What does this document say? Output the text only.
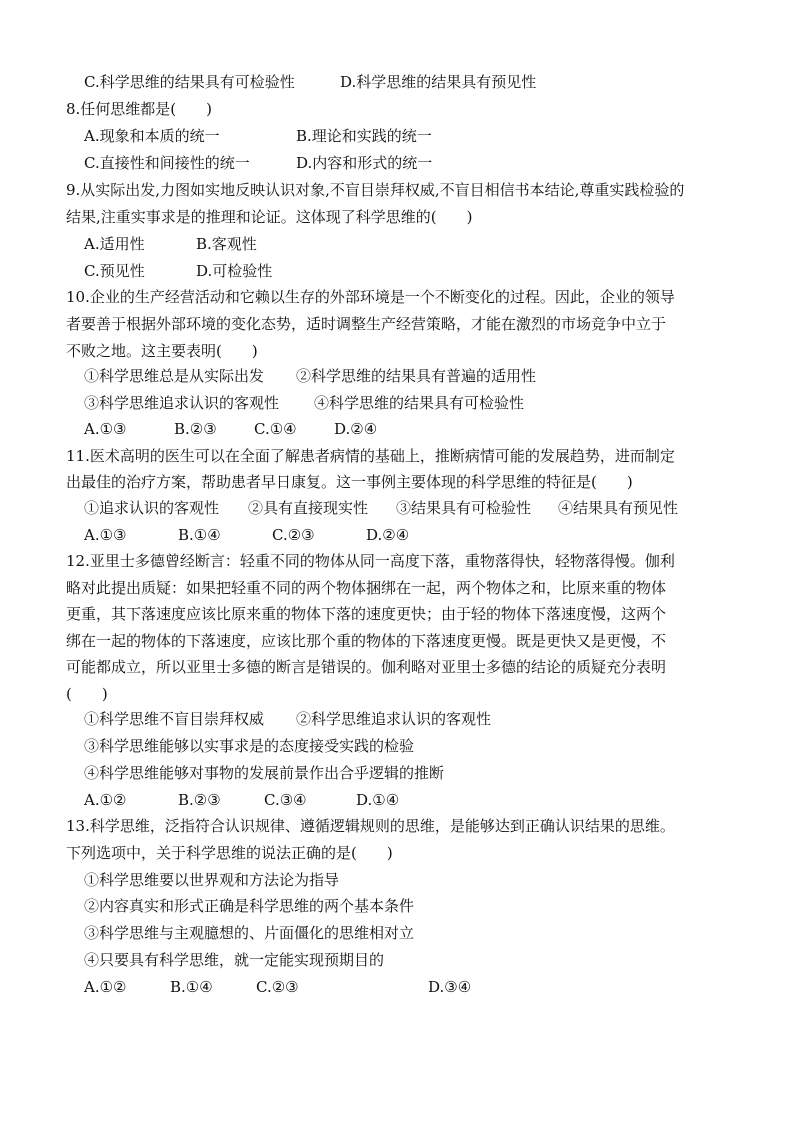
C.科学思维的结果具有可检验性	D.科学思维的结果具有预见性
8.任何思维都是(　　)
A.现象和本质的统一	B.理论和实践的统一
C.直接性和间接性的统一	D.内容和形式的统一
9.从实际出发,力图如实地反映认识对象,不盲目崇拜权威,不盲目相信书本结论,尊重实践检验的
结果,注重实事求是的推理和论证。这体现了科学思维的(　　)
A.适用性	B.客观性
C.预见性	D.可检验性
10.企业的生产经营活动和它赖以生存的外部环境是一个不断变化的过程。因此，企业的领导
者要善于根据外部环境的变化态势，适时调整生产经营策略，才能在激烈的市场竞争中立于
不败之地。这主要表明(　　)
①科学思维总是从实际出发 ②科学思维的结果具有普遍的适用性
③科学思维追求认识的客观性 ④科学思维的结果具有可检验性
A.①③	B.②③ C.①④ D.②④
11.医术高明的医生可以在全面了解患者病情的基础上，推断病情可能的发展趋势，进而制定
出最佳的治疗方案，帮助患者早日康复。这一事例主要体现的科学思维的特征是(　　)
①追求认识的客观性 ②具有直接现实性 ③结果具有可检验性 ④结果具有预见性
A.①③	B.①④	C.②③	D.②④
12.亚里士多德曾经断言：轻重不同的物体从同一高度下落，重物落得快，轻物落得慢。伽利
略对此提出质疑：如果把轻重不同的两个物体捆绑在一起，两个物体之和，比原来重的物体
更重，其下落速度应该比原来重的物体下落的速度更快；由于轻的物体下落速度慢，这两个
绑在一起的物体的下落速度，应该比那个重的物体的下落速度更慢。既是更快又是更慢，不
可能都成立，所以亚里士多德的断言是错误的。伽利略对亚里士多德的结论的质疑充分表明
(　　)
①科学思维不盲目崇拜权威 ②科学思维追求认识的客观性
③科学思维能够以实事求是的态度接受实践的检验
④科学思维能够对事物的发展前景作出合乎逻辑的推断
A.①②	B.②③	C.③④	D.①④
13.科学思维，泛指符合认识规律、遵循逻辑规则的思维，是能够达到正确认识结果的思维。
下列选项中，关于科学思维的说法正确的是(　　)
①科学思维要以世界观和方法论为指导
②内容真实和形式正确是科学思维的两个基本条件
③科学思维与主观臆想的、片面僵化的思维相对立
④只要具有科学思维，就一定能实现预期目的
A.①②	B.①④	C.②③	D.③④
